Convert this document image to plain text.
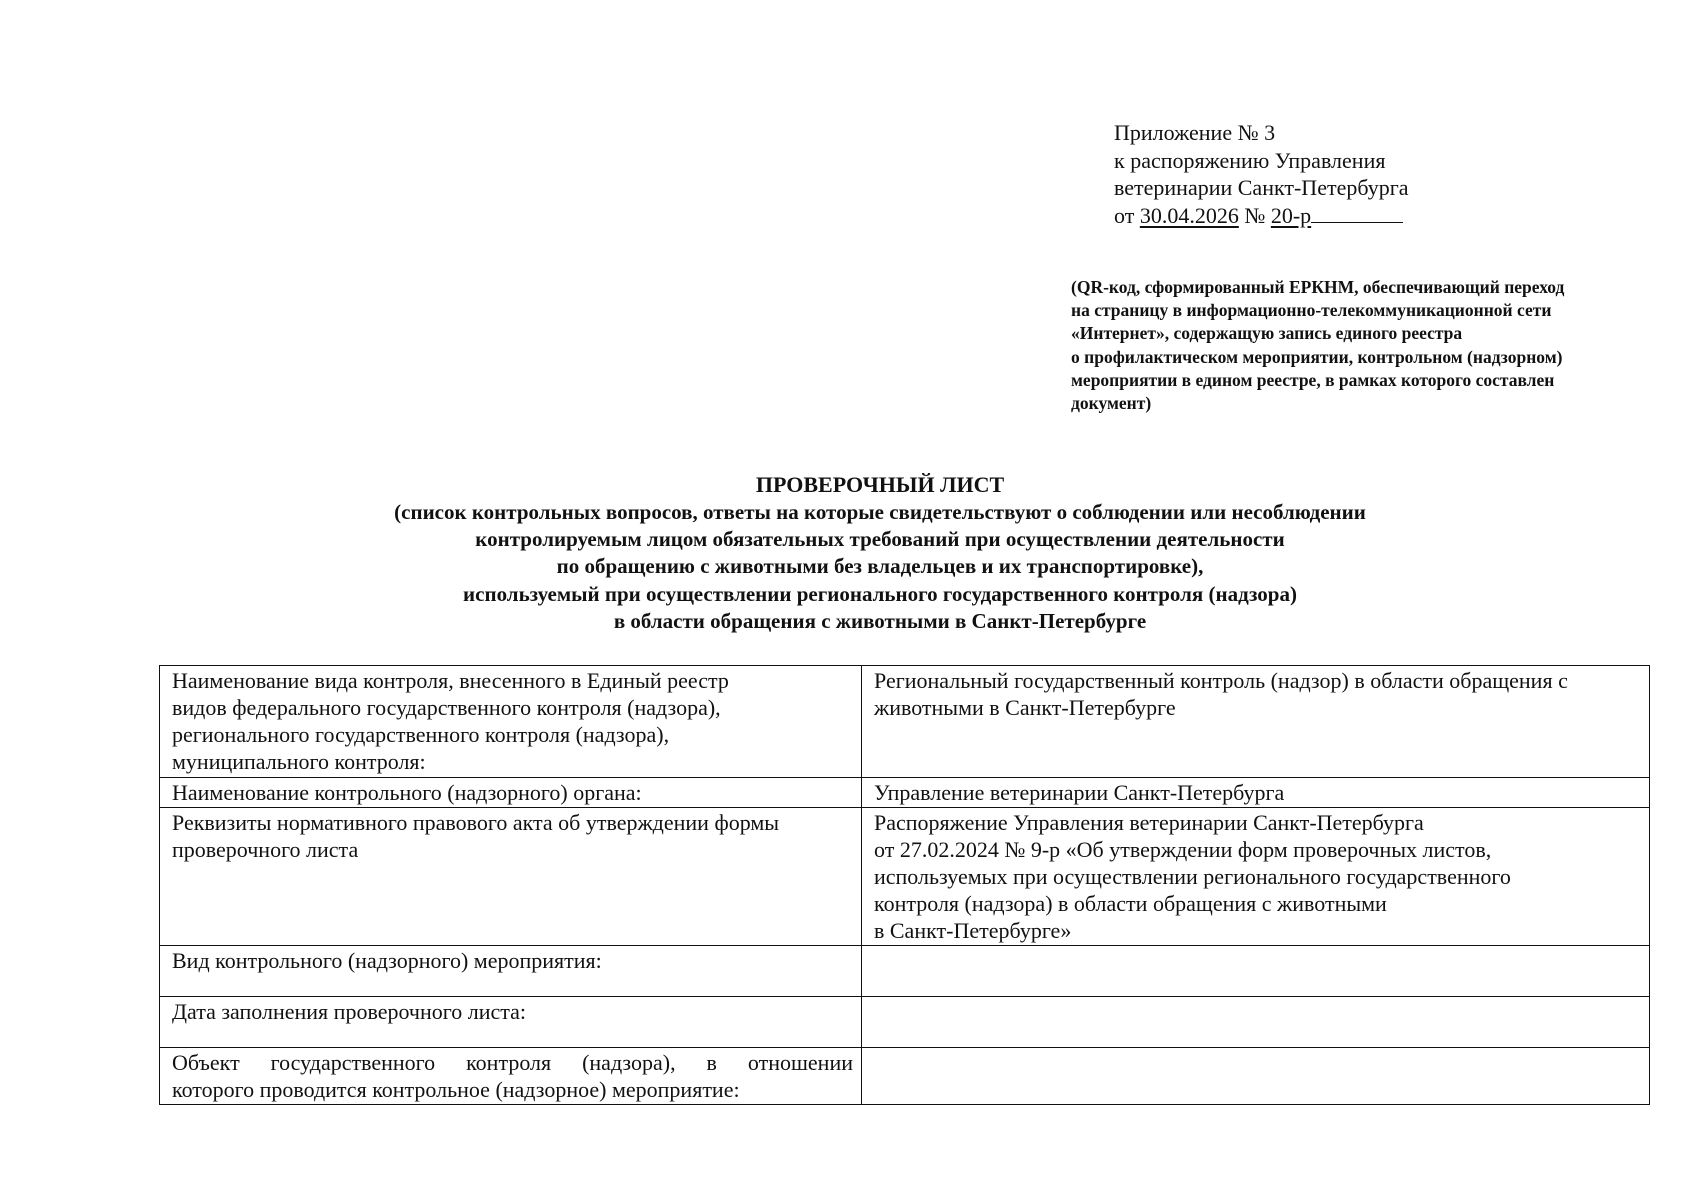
Приложение № 3
к распоряжению Управления
ветеринарии Санкт-Петербурга
от 30.04.2026 № 20-р
(QR-код, сформированный ЕРКНМ, обеспечивающий переход
на страницу в информационно-телекоммуникационной сети
«Интернет», содержащую запись единого реестра
о профилактическом мероприятии, контрольном (надзорном)
мероприятии в едином реестре, в рамках которого составлен
документ)
ПРОВЕРОЧНЫЙ ЛИСТ
(список контрольных вопросов, ответы на которые свидетельствуют о соблюдении или несоблюдении
контролируемым лицом обязательных требований при осуществлении деятельности
по обращению с животными без владельцев и их транспортировке),
используемый при осуществлении регионального государственного контроля (надзора)
в области обращения с животными в Санкт-Петербурге
Наименование вида контроля, внесенного в Единый реестр
видов федерального государственного контроля (надзора),
регионального государственного контроля (надзора),
муниципального контроля:	Региональный государственный контроль (надзор) в области обращения с
животными в Санкт-Петербурге

Наименование контрольного (надзорного) органа:	Управление ветеринарии Санкт-Петербурга

Реквизиты нормативного правового акта об утверждении формы
проверочного листа	Распоряжение Управления ветеринарии Санкт-Петербурга
от 27.02.2024 № 9-р «Об утверждении форм проверочных листов,
используемых при осуществлении регионального государственного
контроля (надзора) в области обращения с животными
в Санкт-Петербурге»

Вид контрольного (надзорного) мероприятия:	

Дата заполнения проверочного листа:	

Объект государственного контроля (надзора), в отношении
которого проводится контрольное (надзорное) мероприятие:	
